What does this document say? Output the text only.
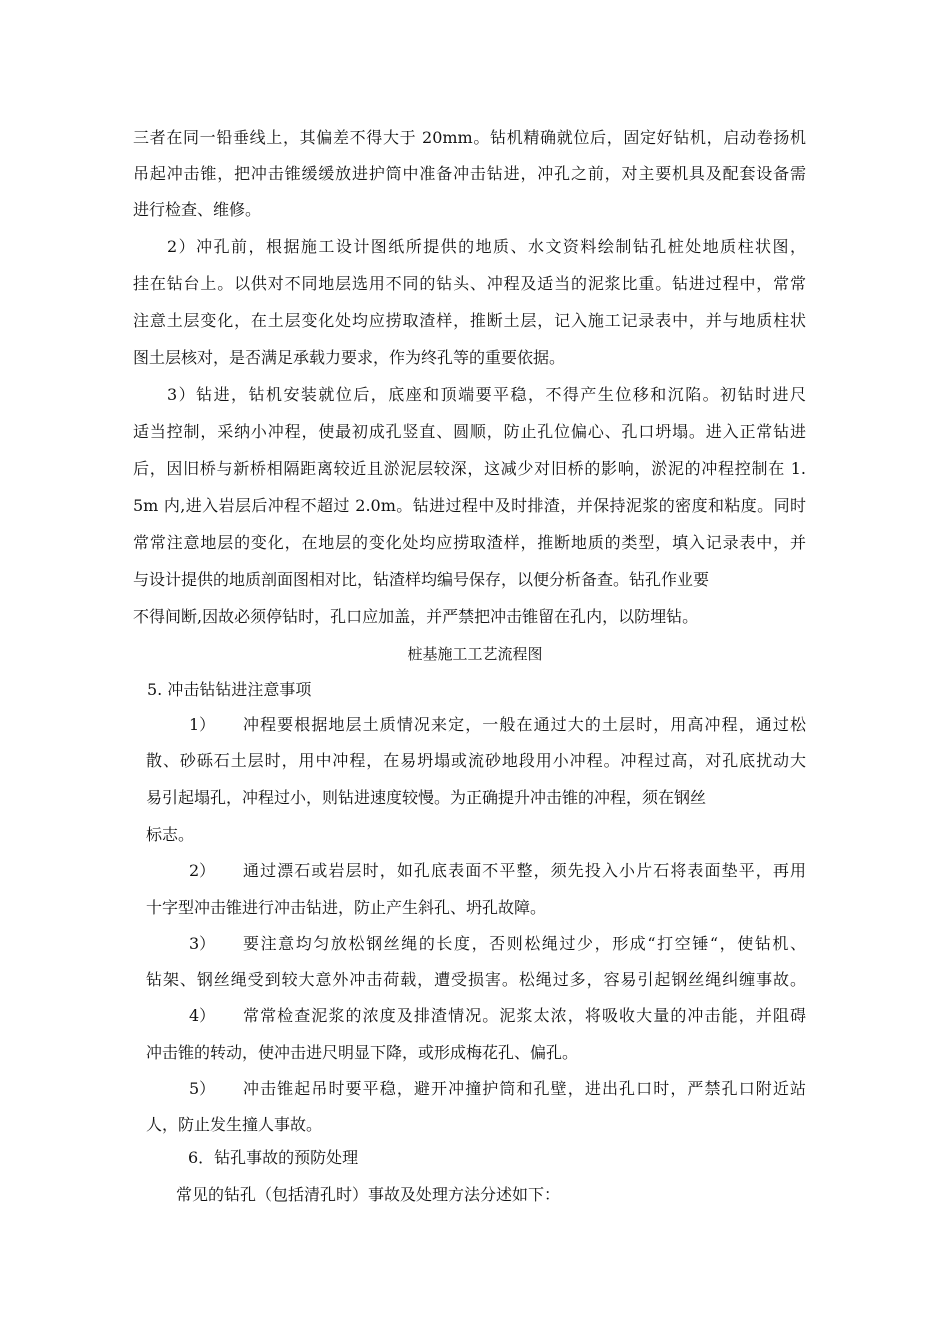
三者在同一铅垂线上，其偏差不得大于 20mm。钻机精确就位后，固定好钻机，启动卷扬机
吊起冲击锥，把冲击锥缓缓放进护筒中准备冲击钻进，冲孔之前，对主要机具及配套设备需
进行检查、维修。
2）冲孔前，根据施工设计图纸所提供的地质、水文资料绘制钻孔桩处地质柱状图，
挂在钻台上。以供对不同地层选用不同的钻头、冲程及适当的泥浆比重。钻进过程中，常常
注意土层变化，在土层变化处均应捞取渣样，推断土层，记入施工记录表中，并与地质柱状
图土层核对，是否满足承载力要求，作为终孔等的重要依据。
3）钻进，钻机安装就位后，底座和顶端要平稳，不得产生位移和沉陷。初钻时进尺
适当控制，采纳小冲程，使最初成孔竖直、圆顺，防止孔位偏心、孔口坍塌。进入正常钻进
后，因旧桥与新桥相隔距离较近且淤泥层较深，这减少对旧桥的影响，淤泥的冲程控制在 1.
5m 内,进入岩层后冲程不超过 2.0m。钻进过程中及时排渣，并保持泥浆的密度和粘度。同时
常常注意地层的变化，在地层的变化处均应捞取渣样，推断地质的类型，填入记录表中，并
与设计提供的地质剖面图相对比，钻渣样均编号保存，以便分析备查。钻孔作业要
不得间断,因故必须停钻时，孔口应加盖，并严禁把冲击锥留在孔内，以防埋钻。
桩基施工工艺流程图
5. 冲击钻钻进注意事项
1） 冲程要根据地层土质情况来定，一般在通过大的土层时，用高冲程，通过松
散、砂砾石土层时，用中冲程，在易坍塌或流砂地段用小冲程。冲程过高，对孔底扰动大
易引起塌孔，冲程过小，则钻进速度较慢。为正确提升冲击锥的冲程，须在钢丝
标志。
2） 通过漂石或岩层时，如孔底表面不平整，须先投入小片石将表面垫平，再用
十字型冲击锥进行冲击钻进，防止产生斜孔、坍孔故障。
3） 要注意均匀放松钢丝绳的长度，否则松绳过少，形成“打空锤“，使钻机、
钻架、钢丝绳受到较大意外冲击荷载，遭受损害。松绳过多，容易引起钢丝绳纠缠事故。
4） 常常检查泥浆的浓度及排渣情况。泥浆太浓，将吸收大量的冲击能，并阻碍
冲击锥的转动，使冲击进尺明显下降，或形成梅花孔、偏孔。
5） 冲击锥起吊时要平稳，避开冲撞护筒和孔壁，进出孔口时，严禁孔口附近站
人，防止发生撞人事故。
6．钻孔事故的预防处理
常见的钻孔（包括清孔时）事故及处理方法分述如下：
